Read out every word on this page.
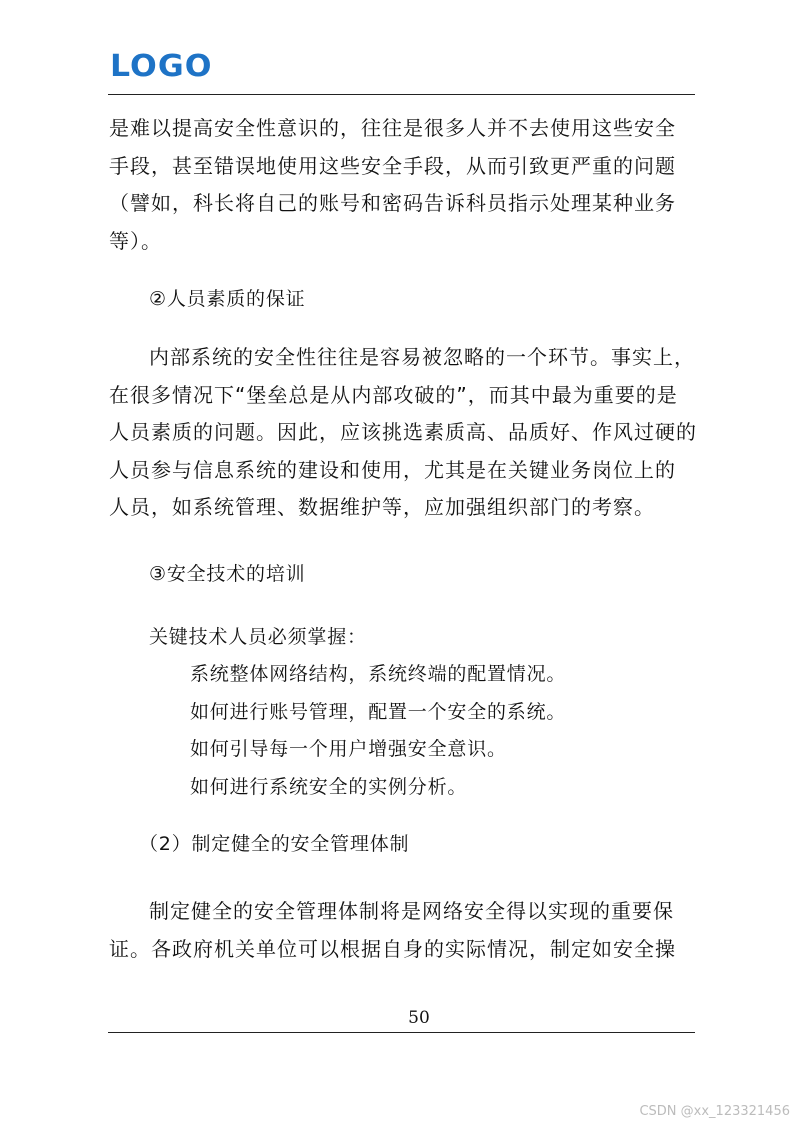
LOGO
是难以提高安全性意识的，往往是很多人并不去使用这些安全
手段，甚至错误地使用这些安全手段，从而引致更严重的问题
（譬如，科长将自己的账号和密码告诉科员指示处理某种业务
等）。
②人员素质的保证
内部系统的安全性往往是容易被忽略的一个环节。事实上，
在很多情况下“堡垒总是从内部攻破的”，而其中最为重要的是
人员素质的问题。因此，应该挑选素质高、品质好、作风过硬的
人员参与信息系统的建设和使用，尤其是在关键业务岗位上的
人员，如系统管理、数据维护等，应加强组织部门的考察。
③安全技术的培训
关键技术人员必须掌握：
系统整体网络结构，系统终端的配置情况。
如何进行账号管理，配置一个安全的系统。
如何引导每一个用户增强安全意识。
如何进行系统安全的实例分析。
（2）制定健全的安全管理体制
制定健全的安全管理体制将是网络安全得以实现的重要保
证。各政府机关单位可以根据自身的实际情况，制定如安全操
50
CSDN @xx_123321456
